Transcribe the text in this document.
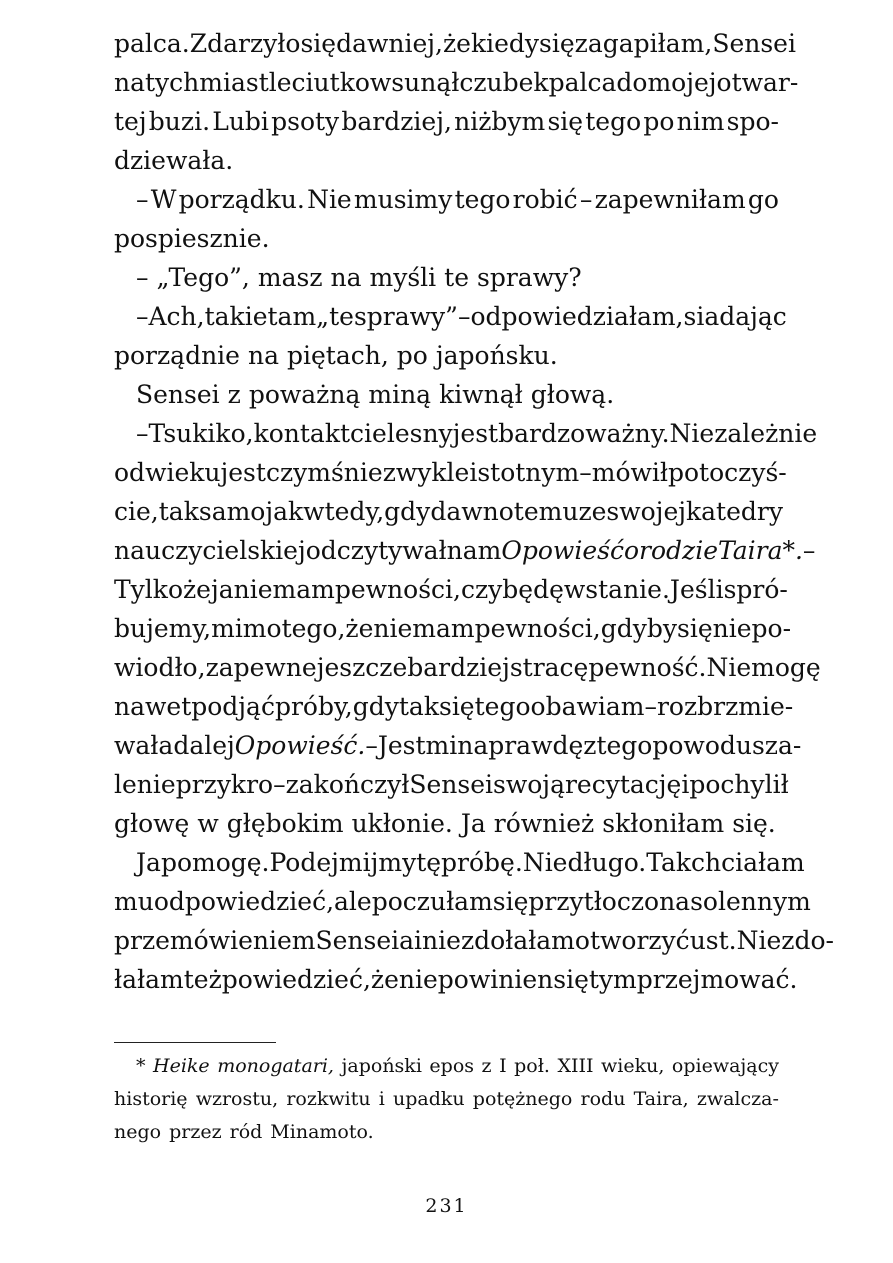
palca. Zdarzyło się dawniej, że kiedy się zagapiłam, Sensei
natychmiast leciutko wsunął czubek palca do mojej otwar-
tej buzi. Lubi psoty bardziej, niżbym się tego po nim spo-
dziewała.
– W porządku. Nie musimy tego robić – zapewniłam go
pospiesznie.
– „Tego”, masz na myśli te sprawy?
– Ach, takie tam „te sprawy” – odpowiedziałam, siadając
porządnie na piętach, po japońsku.
Sensei z poważną miną kiwnął głową.
– Tsukiko, kontakt cielesny jest bardzo ważny. Niezależnie
od wieku jest czymś niezwykle istotnym – mówił potoczyś-
cie, tak samo jak wtedy, gdy dawno temu ze swojej katedry
nauczycielskiej odczytywał nam Opowieść o rodzie Taira*. –
Tylko że ja nie mam pewności, czy będę w stanie. Jeśli spró-
bujemy, mimo tego, że nie mam pewności, gdyby się nie po-
wiodło, zapewne jeszcze bardziej stracę pewność. Nie mogę
nawet podjąć próby, gdy tak się tego obawiam – rozbrzmie-
wała dalej Opowieść. – Jest mi naprawdę z tego powodu sza-
lenie przykro – zakończył Sensei swoją recytację i pochylił
głowę w głębokim ukłonie. Ja również skłoniłam się.
Ja pomogę. Podejmijmy tę próbę. Niedługo. Tak chciałam
mu odpowiedzieć, ale poczułam się przytłoczona solennym
przemówieniem Senseia i nie zdołałam otworzyć ust. Nie zdo-
łałam też powiedzieć, że nie powinien się tym przejmować.
* Heike monogatari, japoński epos z I poł. XIII wieku, opiewający
historię wzrostu, rozkwitu i upadku potężnego rodu Taira, zwalcza-
nego przez ród Minamoto.
231
